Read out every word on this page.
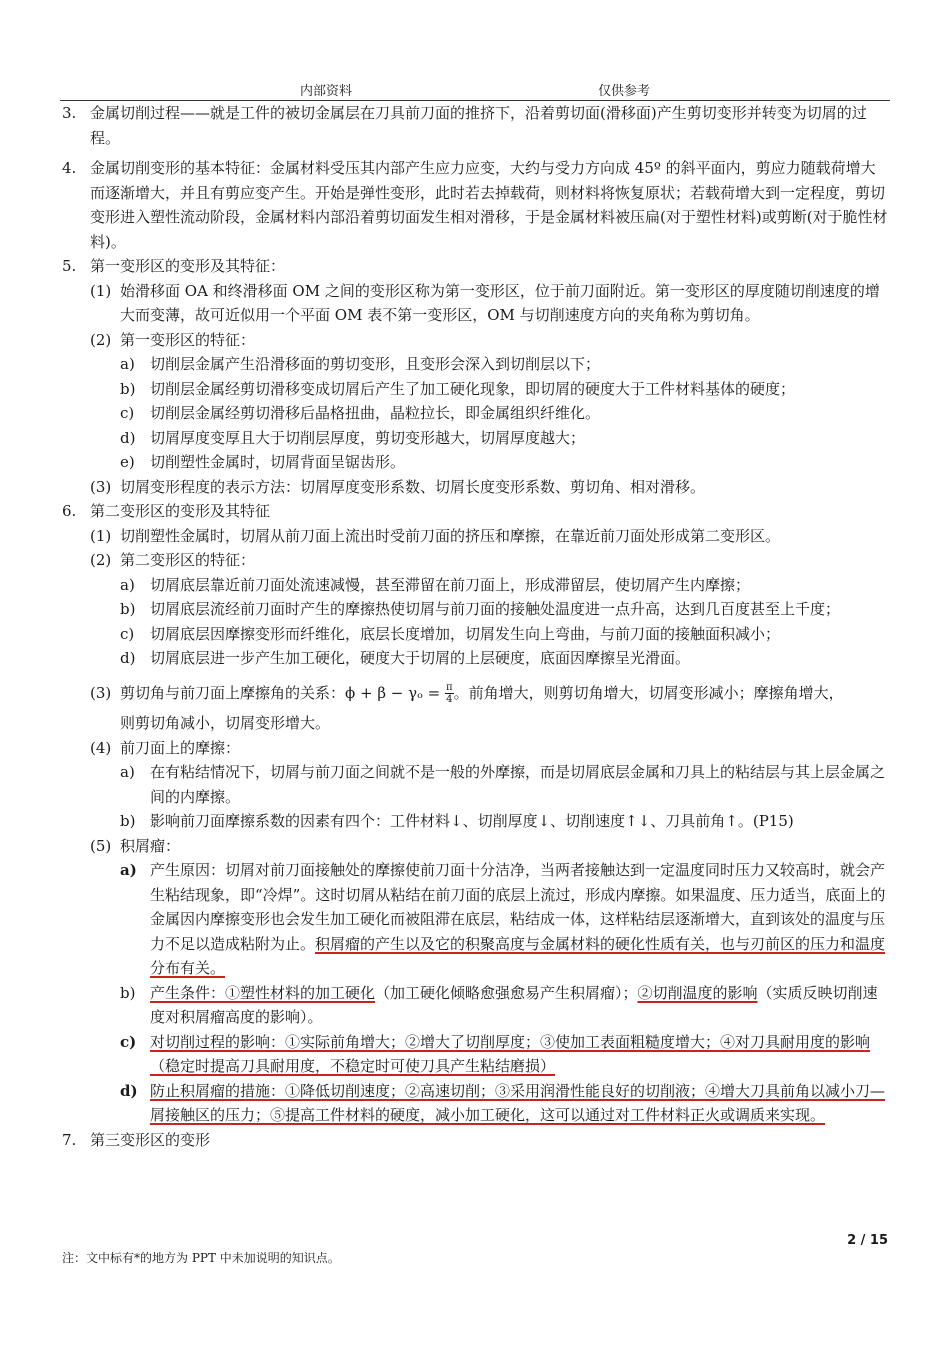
内部资料	仅供参考
3. 金属切削过程——就是工件的被切金属层在刀具前刀面的推挤下，沿着剪切面(滑移面)产生剪切变形并转变为切屑的过程。
4. 金属切削变形的基本特征：金属材料受压其内部产生应力应变，大约与受力方向成 45º 的斜平面内，剪应力随载荷增大而逐渐增大，并且有剪应变产生。开始是弹性变形，此时若去掉载荷，则材料将恢复原状；若载荷增大到一定程度，剪切变形进入塑性流动阶段，金属材料内部沿着剪切面发生相对滑移，于是金属材料被压扁(对于塑性材料)或剪断(对于脆性材料)。
5. 第一变形区的变形及其特征：
(1) 始滑移面 OA 和终滑移面 OM 之间的变形区称为第一变形区，位于前刀面附近。第一变形区的厚度随切削速度的增大而变薄，故可近似用一个平面 OM 表不第一变形区，OM 与切削速度方向的夹角称为剪切角。
(2) 第一变形区的特征：
a) 切削层金属产生沿滑移面的剪切变形，且变形会深入到切削层以下；
b) 切削层金属经剪切滑移变成切屑后产生了加工硬化现象，即切屑的硬度大于工件材料基体的硬度；
c) 切削层金属经剪切滑移后晶格扭曲，晶粒拉长，即金属组织纤维化。
d) 切屑厚度变厚且大于切削层厚度，剪切变形越大，切屑厚度越大；
e) 切削塑性金属时，切屑背面呈锯齿形。
(3) 切屑变形程度的表示方法：切屑厚度变形系数、切屑长度变形系数、剪切角、相对滑移。
6. 第二变形区的变形及其特征
(1) 切削塑性金属时，切屑从前刀面上流出时受前刀面的挤压和摩擦，在靠近前刀面处形成第二变形区。
(2) 第二变形区的特征：
a) 切屑底层靠近前刀面处流速减慢，甚至滞留在前刀面上，形成滞留层，使切屑产生内摩擦；
b) 切屑底层流经前刀面时产生的摩擦热使切屑与前刀面的接触处温度进一点升高，达到几百度甚至上千度；
c) 切屑底层因摩擦变形而纤维化，底层长度增加，切屑发生向上弯曲，与前刀面的接触面积减小；
d) 切屑底层进一步产生加工硬化，硬度大于切屑的上层硬度，底面因摩擦呈光滑面。
(3) 剪切角与前刀面上摩擦角的关系：$\phi + \beta - \gamma_o = \frac{\pi}{4}$ 。前角增大，则剪切角增大，切屑变形减小；摩擦角增大，
则剪切角减小，切屑变形增大。
(4) 前刀面上的摩擦：
a) 在有粘结情况下，切屑与前刀面之间就不是一般的外摩擦，而是切屑底层金属和刀具上的粘结层与其上层金属之间的内摩擦。
b) 影响前刀面摩擦系数的因素有四个：工件材料↓、切削厚度↓、切削速度↑↓、刀具前角↑。(P15)
(5) 积屑瘤：
a) 产生原因：切屑对前刀面接触处的摩擦使前刀面十分洁净，当两者接触达到一定温度同时压力又较高时，就会产生粘结现象，即“冷焊”。这时切屑从粘结在前刀面的底层上流过，形成内摩擦。如果温度、压力适当，底面上的金属因内摩擦变形也会发生加工硬化而被阻滞在底层，粘结成一体，这样粘结层逐渐增大，直到该处的温度与压力不足以造成粘附为止。积屑瘤的产生以及它的积聚高度与金属材料的硬化性质有关，也与刃前区的压力和温度分布有关。
b) 产生条件：①塑性材料的加工硬化（加工硬化倾略愈强愈易产生积屑瘤）；②切削温度的影响（实质反映切削速度对积屑瘤高度的影响）。
c) 对切削过程的影响：①实际前角增大；②增大了切削厚度；③使加工表面粗糙度增大；④对刀具耐用度的影响（稳定时提高刀具耐用度，不稳定时可使刀具产生粘结磨损）
d) 防止积屑瘤的措施：①降低切削速度；②高速切削；③采用润滑性能良好的切削液；④增大刀具前角以减小刀—屑接触区的压力；⑤提高工件材料的硬度，减小加工硬化，这可以通过对工件材料正火或调质来实现。
7. 第三变形区的变形
2 / 15
注：文中标有*的地方为 PPT 中未加说明的知识点。
